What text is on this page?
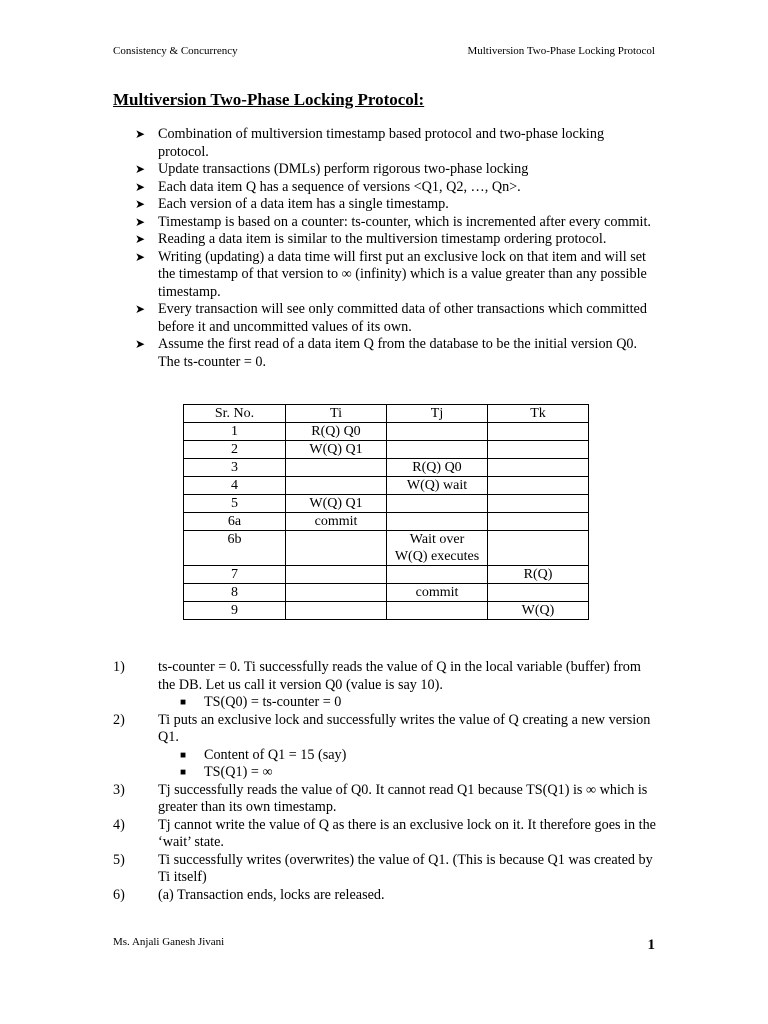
Consistency & Concurrency	Multiversion Two-Phase Locking Protocol
Multiversion Two-Phase Locking Protocol:
➤ Combination of multiversion timestamp based protocol and two-phase locking protocol.
➤ Update transactions (DMLs) perform rigorous two-phase locking
➤ Each data item Q has a sequence of versions <Q1, Q2, …, Qn>.
➤ Each version of a data item has a single timestamp.
➤ Timestamp is based on a counter: ts-counter, which is incremented after every commit.
➤ Reading a data item is similar to the multiversion timestamp ordering protocol.
➤ Writing (updating) a data time will first put an exclusive lock on that item and will set the timestamp of that version to ∞ (infinity) which is a value greater than any possible timestamp.
➤ Every transaction will see only committed data of other transactions which committed before it and uncommitted values of its own.
➤ Assume the first read of a data item Q from the database to be the initial version Q0. The ts-counter = 0.
Sr. No.	Ti	Tj	Tk
1	R(Q) Q0		
2	W(Q) Q1		
3		R(Q) Q0	
4		W(Q) wait	
5	W(Q) Q1		
6a	commit		
6b		Wait over W(Q) executes	
7			R(Q)
8		commit	
9			W(Q)
1)	ts-counter = 0. Ti successfully reads the value of Q in the local variable (buffer) from the DB. Let us call it version Q0 (value is say 10).
■ TS(Q0) = ts-counter = 0
2)	Ti puts an exclusive lock and successfully writes the value of Q creating a new version Q1.
■ Content of Q1 = 15 (say)
■ TS(Q1) = ∞
3)	Tj successfully reads the value of Q0. It cannot read Q1 because TS(Q1) is ∞ which is greater than its own timestamp.
4)	Tj cannot write the value of Q as there is an exclusive lock on it. It therefore goes in the ‘wait’ state.
5)	Ti successfully writes (overwrites) the value of Q1. (This is because Q1 was created by Ti itself)
6)	(a) Transaction ends, locks are released.
Ms. Anjali Ganesh Jivani	1
